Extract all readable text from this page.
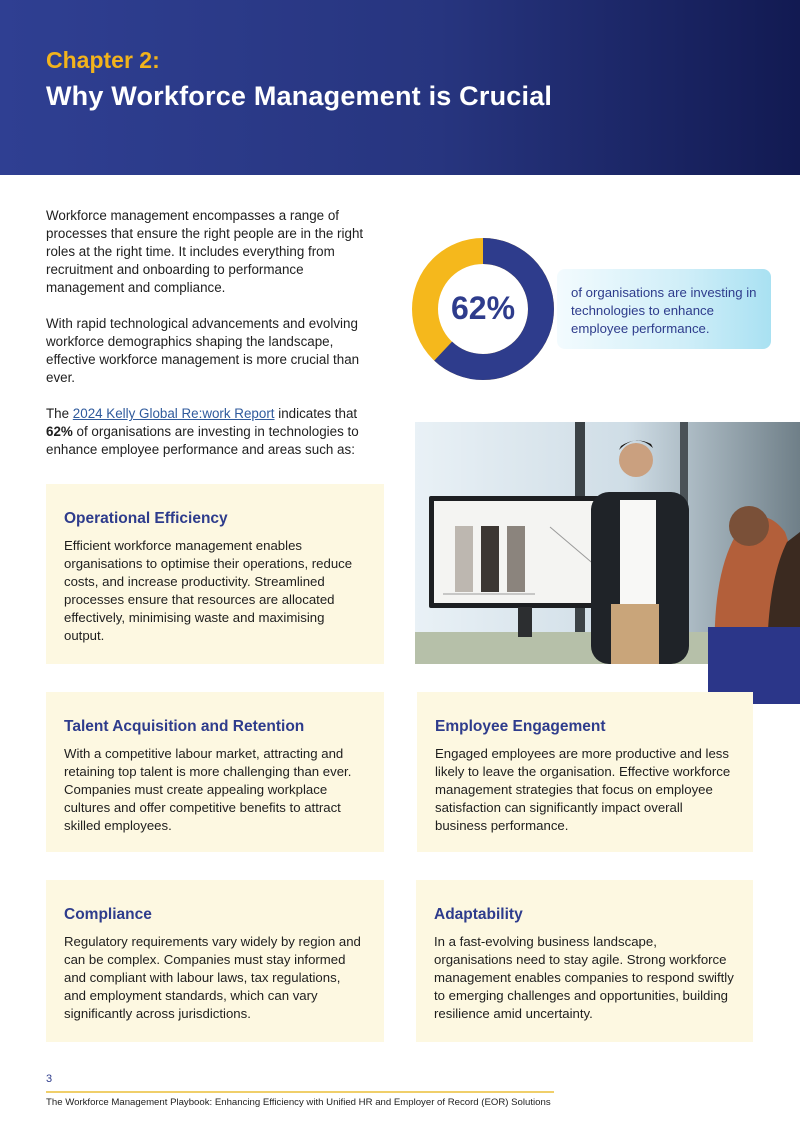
Chapter 2:
Why Workforce Management is Crucial

Workforce management encompasses a range of processes that ensure the right people are in the right roles at the right time. It includes everything from recruitment and onboarding to performance management and compliance.

With rapid technological advancements and evolving workforce demographics shaping the landscape, effective workforce management is more crucial than ever.

The 2024 Kelly Global Re:work Report indicates that 62% of organisations are investing in technologies to enhance employee performance and areas such as:

62%	of organisations are investing in technologies to enhance employee performance.
Operational Efficiency

Efficient workforce management enables organisations to optimise their operations, reduce costs, and increase productivity. Streamlined processes ensure that resources are allocated effectively, minimising waste and maximising output.

Talent Acquisition and Retention

With a competitive labour market, attracting and retaining top talent is more challenging than ever. Companies must create appealing workplace cultures and offer competitive benefits to attract skilled employees.

Employee Engagement

Engaged employees are more productive and less likely to leave the organisation. Effective workforce management strategies that focus on employee satisfaction can significantly impact overall business performance.

Compliance

Regulatory requirements vary widely by region and can be complex. Companies must stay informed and compliant with labour laws, tax regulations, and employment standards, which can vary significantly across jurisdictions.

Adaptability

In a fast-evolving business landscape, organisations need to stay agile. Strong workforce management enables companies to respond swiftly to emerging challenges and opportunities, building resilience amid uncertainty.

3
The Workforce Management Playbook: Enhancing Efficiency with Unified HR and Employer of Record (EOR) Solutions
